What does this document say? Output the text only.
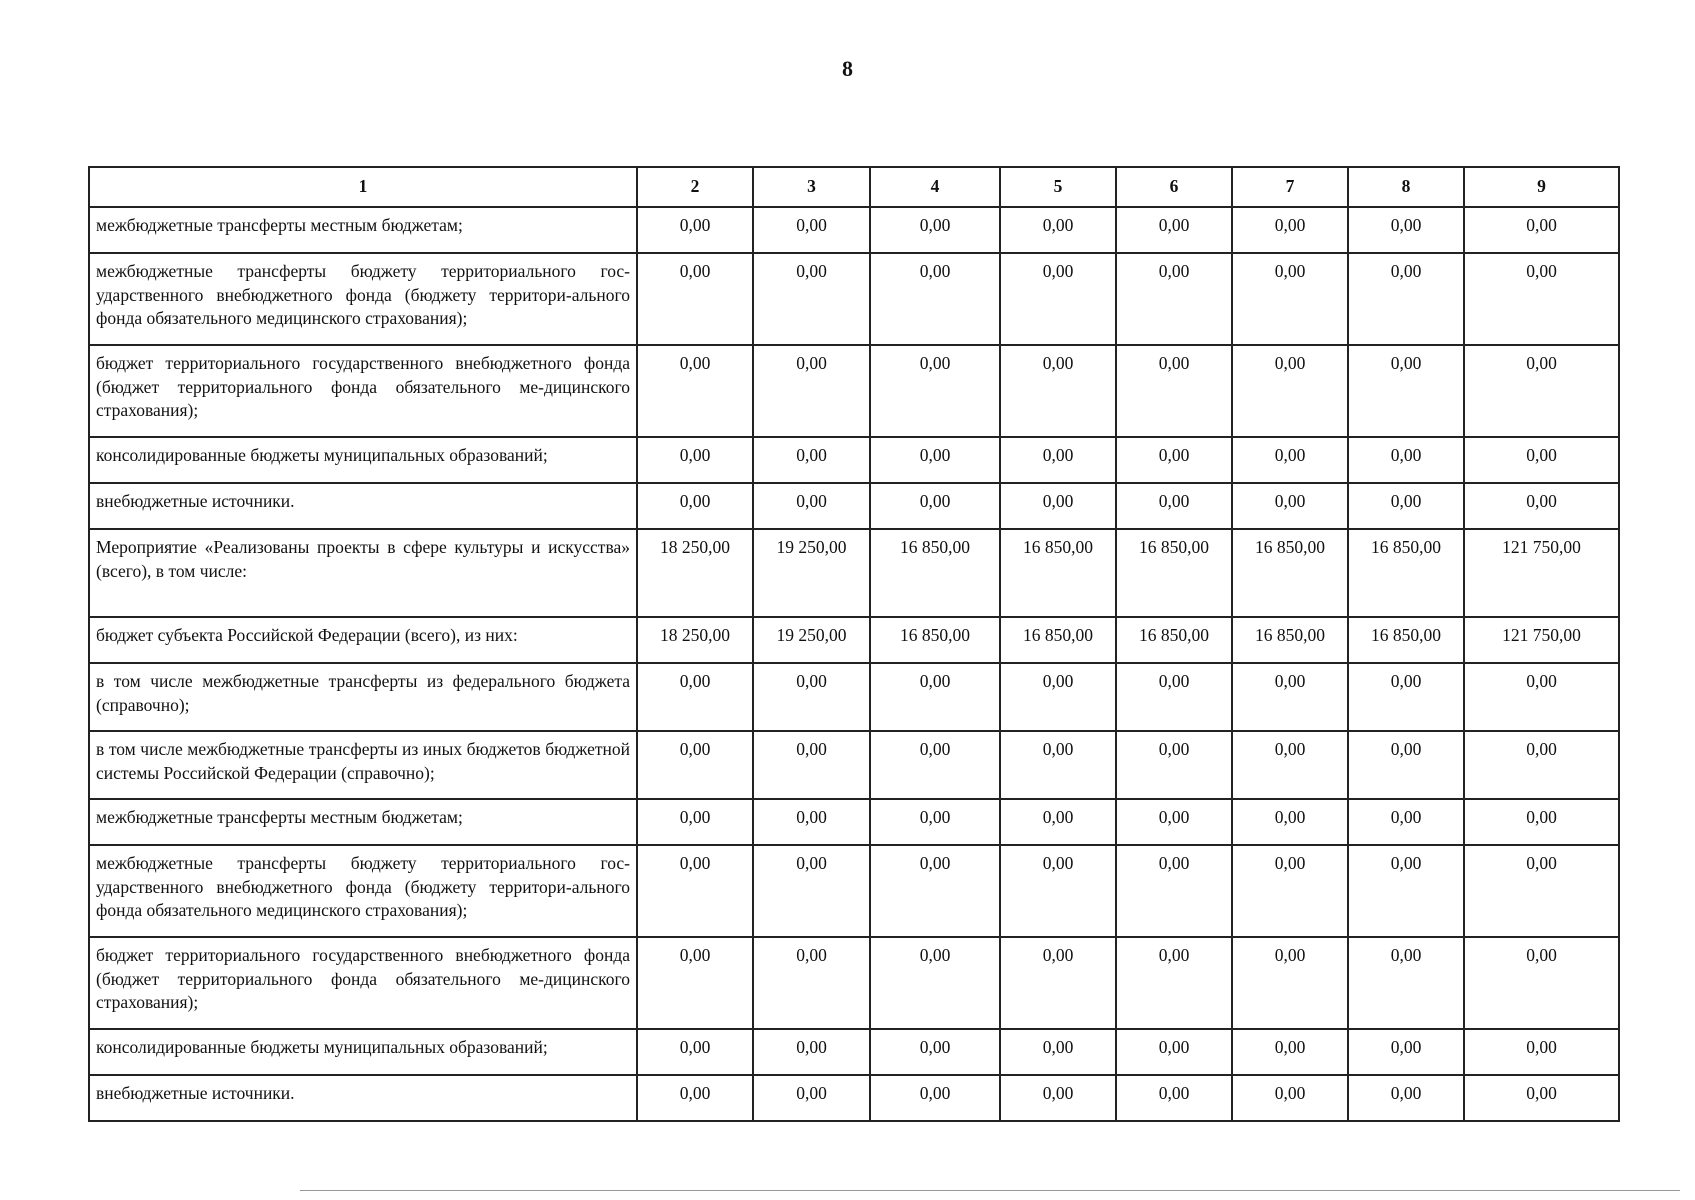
8
1	2	3	4	5	6	7	8	9
межбюджетные трансферты местным бюджетам;	0,00	0,00	0,00	0,00	0,00	0,00	0,00	0,00
межбюджетные трансферты бюджету территориального гос-ударственного внебюджетного фонда (бюджету территори-ального фонда обязательного медицинского страхования);	0,00	0,00	0,00	0,00	0,00	0,00	0,00	0,00
бюджет территориального государственного внебюджетного фонда (бюджет территориального фонда обязательного ме-дицинского страхования);	0,00	0,00	0,00	0,00	0,00	0,00	0,00	0,00
консолидированные бюджеты муниципальных образований;	0,00	0,00	0,00	0,00	0,00	0,00	0,00	0,00
внебюджетные источники.	0,00	0,00	0,00	0,00	0,00	0,00	0,00	0,00
Мероприятие «Реализованы проекты в сфере культуры и искусства» (всего), в том числе:	18 250,00	19 250,00	16 850,00	16 850,00	16 850,00	16 850,00	16 850,00	121 750,00
бюджет субъекта Российской Федерации (всего), из них:	18 250,00	19 250,00	16 850,00	16 850,00	16 850,00	16 850,00	16 850,00	121 750,00
в том числе межбюджетные трансферты из федерального бюджета (справочно);	0,00	0,00	0,00	0,00	0,00	0,00	0,00	0,00
в том числе межбюджетные трансферты из иных бюджетов бюджетной системы Российской Федерации (справочно);	0,00	0,00	0,00	0,00	0,00	0,00	0,00	0,00
межбюджетные трансферты местным бюджетам;	0,00	0,00	0,00	0,00	0,00	0,00	0,00	0,00
межбюджетные трансферты бюджету территориального гос-ударственного внебюджетного фонда (бюджету территори-ального фонда обязательного медицинского страхования);	0,00	0,00	0,00	0,00	0,00	0,00	0,00	0,00
бюджет территориального государственного внебюджетного фонда (бюджет территориального фонда обязательного ме-дицинского страхования);	0,00	0,00	0,00	0,00	0,00	0,00	0,00	0,00
консолидированные бюджеты муниципальных образований;	0,00	0,00	0,00	0,00	0,00	0,00	0,00	0,00
внебюджетные источники.	0,00	0,00	0,00	0,00	0,00	0,00	0,00	0,00
